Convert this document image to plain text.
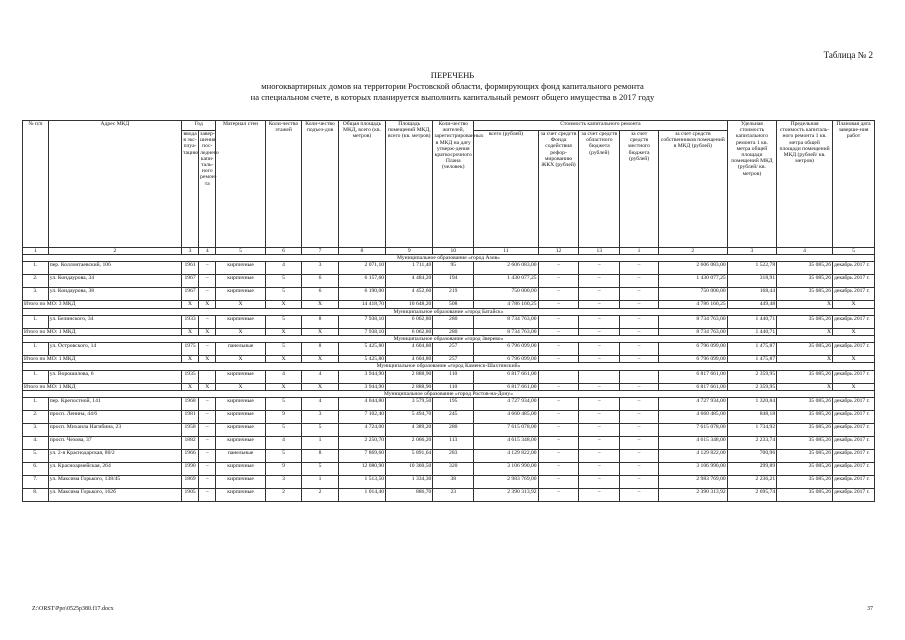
Таблица № 2
ПЕРЕЧЕНЬ
многоквартирных домов на территории Ростовской области, формирующих фонд капитального ремонта
на специальном счете, в которых планируется выполнить капитальный ремонт общего имущества в 2017 году
№ п/п	Адрес МКД	Год		Материал стен	Коли-чество этажей	Коли-чество подъез-дов	Общая площадь МКД, всего (кв. метров)	Площадь помещений МКД, всего (кв. метров)	Коли-чество жителей, зарегистрированных в МКД на дату утверж-дения краткосрочного Плана (человек)	Стоимость капитального ремонта					Удельная стоимость капитального ремонта 1 кв. метра общей площади помещений МКД (рублей/ кв. метров)	Предельная стоимость капиталь-ного ремонта 1 кв. метра общей площади помещений МКД (рублей/ кв. метров)	Плановая дата заверше-ния работ
		ввода в экс-плуа-тацию	завер-шения пос-леднего капи-таль-ного ремон-та							всего (рублей)	за счет средств Фонда содействия рефор-мированию ЖКХ (рублей)	за счет средств областного бюджета (рублей)	за счет средств местного бюджета (рублей)	за счет средств собственников помещений в МКД (рублей)			
1	2	3	4	5	6	7	8	9	10	11	12	13	1	2	3	4	5
Муниципальное образование «город Азов»																	
1.	пер. Коллонтаевский, 106	1961	–	кирпичные	4	3	2 071,10	1 711,40	95	2 606 083,00	–	–	–	2 606 083,00	1 522,78	35 085,26	декабрь 2017 г.
2.	ул. Кондаурова, 34	1967	–	кирпичные	5	6	6 157,60	4 484,20	194	1 430 077,25	–	–	–	1 430 077,25	318,91	35 085,26	декабрь 2017 г.
3.	ул. Кондаурова, 38	1967	–	кирпичные	5	6	6 190,00	4 452,60	219	750 000,00	–	–	–	750 000,00	168,44	35 085,26	декабрь 2017 г.
Итого по МО: 3 МКД		Х	Х	Х	Х	Х	14 418,70	10 648,20	508	4 786 160,25	–	–	–	4 786 160,25	449,48	Х	Х
Муниципальное образование «город Батайск»																	
1.	ул. Белинского, 34	1933	–	кирпичные	5	8	7 938,10	6 062,80	280	8 734 763,00	–	–	–	8 734 763,00	1 440,71	35 085,26	декабрь 2017 г.
Итого по МО: 1 МКД		Х	Х	Х	Х	Х	7 938,10	6 062,80	280	8 734 763,00	–	–	–	8 734 763,00	1 440,71	Х	Х
Муниципальное образование «город Зверево»																	
1.	ул. Островского, 14	1975	–	панельные	5	8	5 425,80	4 604,80	257	6 796 099,00	–	–	–	6 796 099,00	1 475,87	35 085,26	декабрь 2017 г.
Итого по МО: 1 МКД		Х	Х	Х	Х	Х	5 425,80	4 604,80	257	6 796 099,00	–	–	–	6 796 099,00	1 475,87	Х	Х
Муниципальное образование «город Каменск-Шахтинский»																	
1.	ул. Ворошилова, 6	1935		кирпичные	4	4	3 944,90	2 888,90	110	6 817 661,00				6 817 661,00	2 359,95	35 085,26	декабрь 2017 г.
Итого по МО: 1 МКД		Х	Х	Х	Х	Х	3 944,90	2 888,90	110	6 817 661,00	–	–	–	6 817 661,00	2 359,95	Х	Х
Муниципальное образование «город Ростов-на-Дону»																	
1.	пер. Крепостной, 141	1968	–	кирпичные	5	4	4 044,80	3 579,50	195	4 727 934,00	–	–	–	4 727 934,00	1 320,84	35 085,26	декабрь 2017 г.
2.	просп. Ленина, 44/6	1981	–	кирпичные	9	3	7 102,40	5 494,70	245	4 660 485,00	–	–	–	4 660 485,00	848,18	35 085,26	декабрь 2017 г.
3.	просп. Михаила Нагибина, 23	1958	–	кирпичные	5	5	4 724,00	4 389,20	280	7 615 078,00	–	–	–	7 615 078,00	1 734,92	35 085,26	декабрь 2017 г.
4.	просп. Чехова, 37	1882	–	кирпичные	4	1	2 250,70	2 066,20	113	4 615 348,00	–	–	–	4 615 348,00	2 233,74	35 085,26	декабрь 2017 г.
5.	ул. 2-я Краснодарская, 80/2	1966	–	панельные	5	8	7 869,60	5 891,64	283	4 129 822,00	–	–	–	4 129 822,00	700,96	35 085,26	декабрь 2017 г.
6.	ул. Красноармейская, 264	1990	–	кирпичные	9	5	12 080,90	10 360,50	320	3 106 990,00	–	–	–	3 106 990,00	299,89	35 085,26	декабрь 2017 г.
7.	ул. Максима Горького, 138/45	1869	–	кирпичные	3	1	1 513,50	1 334,30	38	2 983 769,00	–	–	–	2 983 769,00	2 236,21	35 085,26	декабрь 2017 г.
8.	ул. Максима Горького, 162б	1905	–	кирпичные	2	2	1 014,40	886,70	23	2 390 313,92	–	–	–	2 390 313,92	2 695,74	35 085,26	декабрь 2017 г.
Z:\ORST\Ppo\0525p380.f17.docx	37
